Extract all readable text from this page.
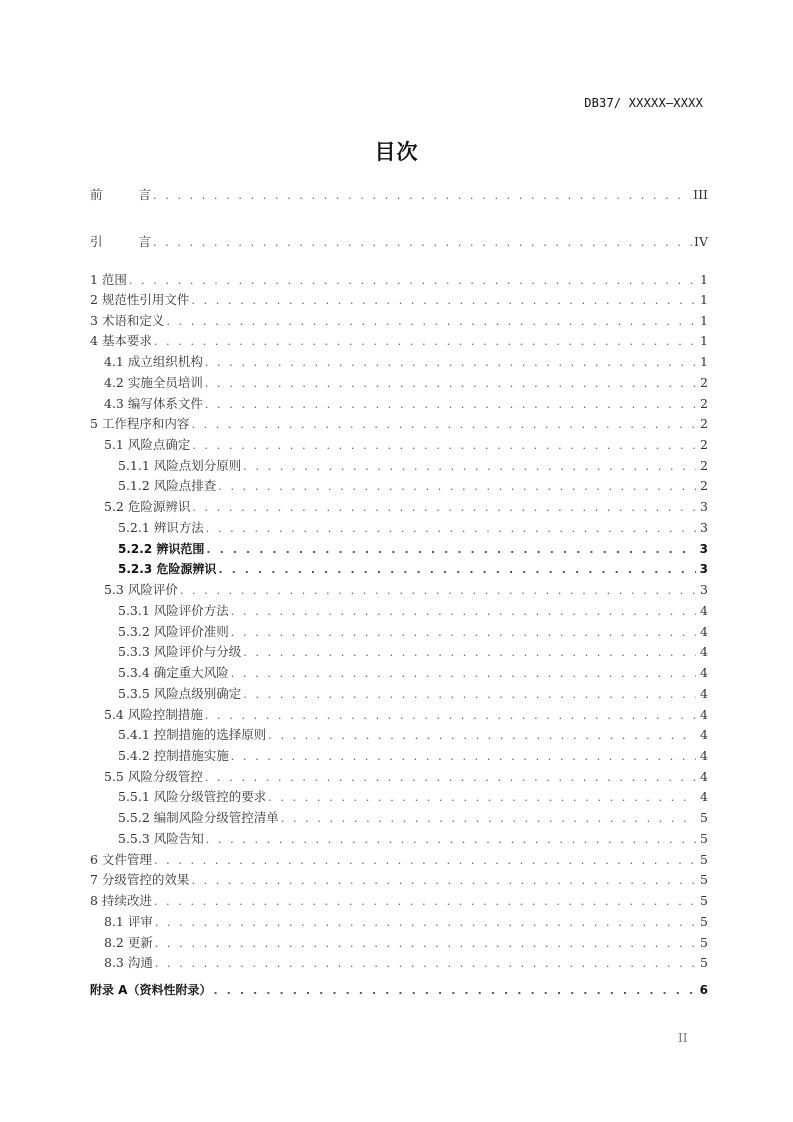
DB37/ XXXXX—XXXX
目次
前	言 . . .	III
引	言 . . .	IV
1 范围 . . .	1
2 规范性引用文件 . . .	1
3 术语和定义 . . .	1
4 基本要求 . . .	1
4.1 成立组织机构 . . .	1
4.2 实施全员培训 . . .	2
4.3 编写体系文件 . . .	2
5 工作程序和内容 . . .	2
5.1 风险点确定 . . .	2
5.1.1 风险点划分原则 . . .	2
5.1.2 风险点排查 . . .	2
5.2 危险源辨识 . . .	3
5.2.1 辨识方法 . . .	3
5.2.2 辨识范围 . . .	3
5.2.3 危险源辨识 . . .	3
5.3 风险评价 . . .	3
5.3.1 风险评价方法 . . .	4
5.3.2 风险评价准则 . . .	4
5.3.3 风险评价与分级 . . .	4
5.3.4 确定重大风险 . . .	4
5.3.5 风险点级别确定 . . .	4
5.4 风险控制措施 . . .	4
5.4.1 控制措施的选择原则 . . .	4
5.4.2 控制措施实施 . . .	4
5.5 风险分级管控 . . .	4
5.5.1 风险分级管控的要求 . . .	4
5.5.2 编制风险分级管控清单 . . .	5
5.5.3 风险告知 . . .	5
6 文件管理 . . .	5
7 分级管控的效果 . . .	5
8 持续改进 . . .	5
8.1 评审 . . .	5
8.2 更新 . . .	5
8.3 沟通 . . .	5
附录 A（资料性附录） . . .	6
II
